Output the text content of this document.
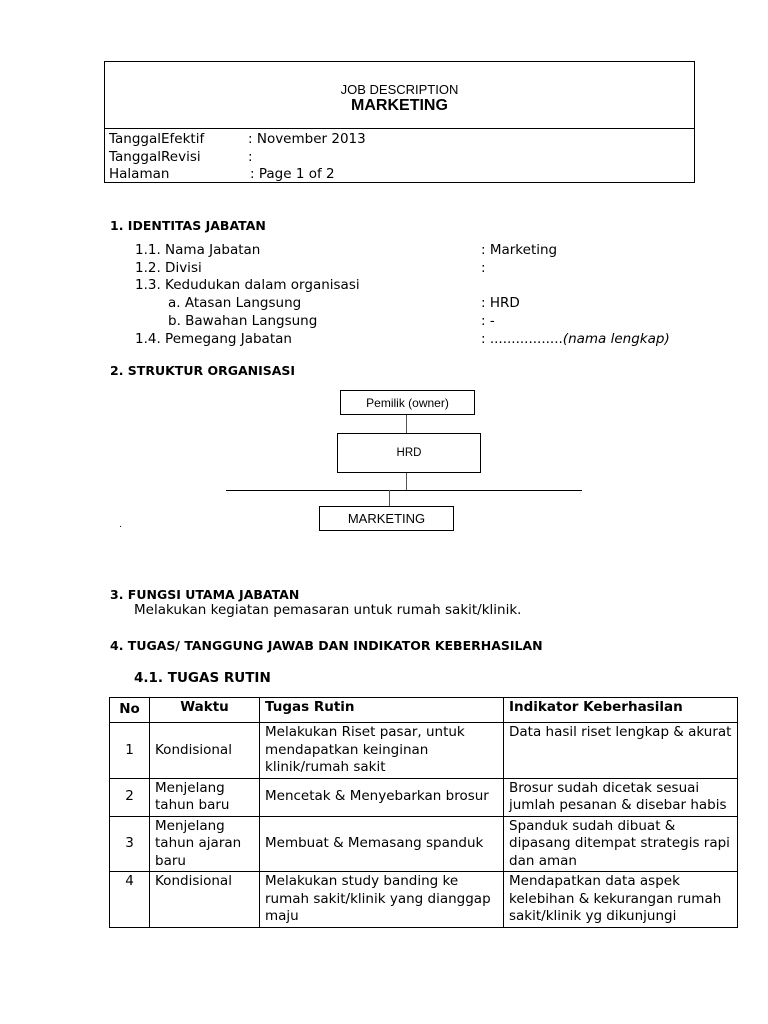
JOB DESCRIPTION
MARKETING
TanggalEfektif	: November 2013
TanggalRevisi	:
Halaman	: Page 1 of 2
1. IDENTITAS JABATAN
1.1. Nama Jabatan	: Marketing
1.2. Divisi	:
1.3. Kedudukan dalam organisasi
a. Atasan Langsung	: HRD
b. Bawahan Langsung	: -
1.4. Pemegang Jabatan	: .................(nama lengkap)
2. STRUKTUR ORGANISASI
Pemilik (owner)
HRD
MARKETING
.
3. FUNGSI UTAMA JABATAN
Melakukan kegiatan pemasaran untuk rumah sakit/klinik.
4. TUGAS/ TANGGUNG JAWAB DAN INDIKATOR KEBERHASILAN
4.1. TUGAS RUTIN
No	Waktu	Tugas Rutin	Indikator Keberhasilan
1	Kondisional	Melakukan Riset pasar, untuk mendapatkan keinginan klinik/rumah sakit	Data hasil riset lengkap & akurat
2	Menjelang tahun baru	Mencetak & Menyebarkan brosur	Brosur sudah dicetak sesuai jumlah pesanan & disebar habis
3	Menjelang tahun ajaran baru	Membuat & Memasang spanduk	Spanduk sudah dibuat & dipasang ditempat strategis rapi dan aman
4	Kondisional	Melakukan study banding ke rumah sakit/klinik yang dianggap maju	Mendapatkan data aspek kelebihan & kekurangan rumah sakit/klinik yg dikunjungi
